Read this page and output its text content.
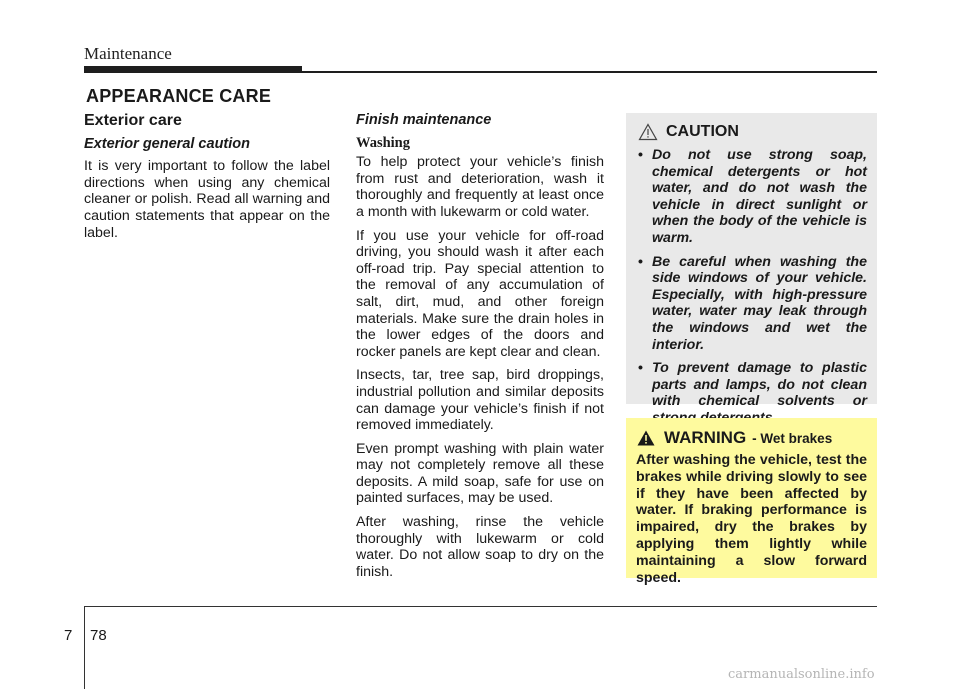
Maintenance
APPEARANCE CARE
Exterior care
Exterior general caution

It is very important to follow the label directions when using any chemical cleaner or polish. Read all warning and caution statements that appear on the label.

Finish maintenance
Washing

To help protect your vehicle’s finish from rust and deterioration, wash it thoroughly and frequently at least once a month with lukewarm or cold water.

If you use your vehicle for off-road driving, you should wash it after each off-road trip. Pay special attention to the removal of any accumulation of salt, dirt, mud, and other foreign materials. Make sure the drain holes in the lower edges of the doors and rocker panels are kept clear and clean.

Insects, tar, tree sap, bird droppings, industrial pollution and similar deposits can damage your vehicle’s finish if not removed immediately.

Even prompt washing with plain water may not completely remove all these deposits. A mild soap, safe for use on painted surfaces, may be used.

After washing, rinse the vehicle thoroughly with lukewarm or cold water. Do not allow soap to dry on the finish.

CAUTION
• Do not use strong soap, chemical detergents or hot water, and do not wash the vehicle in direct sunlight or when the body of the vehicle is warm.
• Be careful when washing the side windows of your vehicle. Especially, with high-pressure water, water may leak through the windows and wet the interior.
• To prevent damage to plastic parts and lamps, do not clean with chemical solvents or
WARNING - Wet brakes
After washing the vehicle, test the brakes while driving slowly to see if they have been affected by water. If braking performance is impaired, dry the brakes by applying them lightly while maintaining a slow forward speed.
7 78
carmanualsonline.info
